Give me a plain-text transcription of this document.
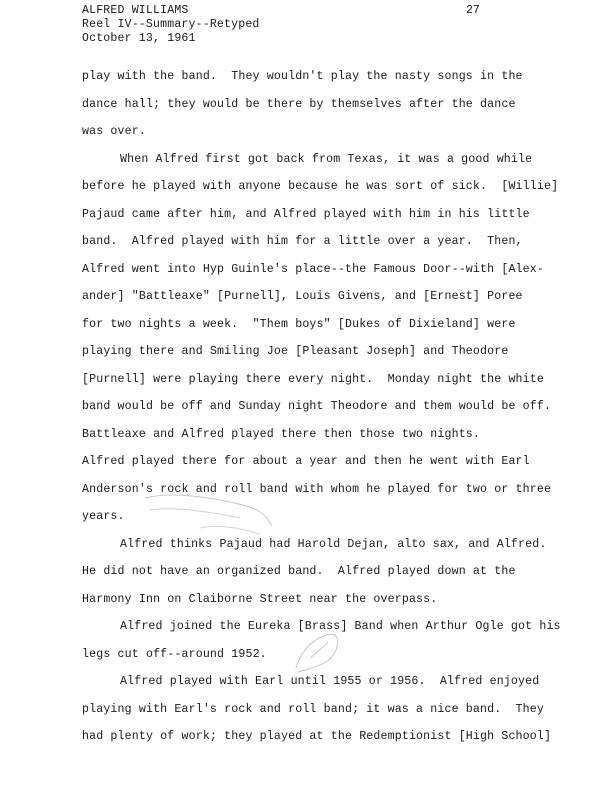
ALFRED WILLIAMS
Reel IV--Summary--Retyped
October 13, 1961
27
play with the band.  They wouldn't play the nasty songs in the
dance hall; they would be there by themselves after the dance
was over.
When Alfred first got back from Texas, it was a good while
before he played with anyone because he was sort of sick.  [Willie]
Pajaud came after him, and Alfred played with him in his little
band.  Alfred played with him for a little over a year.  Then,
Alfred went into Hyp Guinle's place--the Famous Door--with [Alex-
ander] "Battleaxe" [Purnell], Louis Givens, and [Ernest] Poree
for two nights a week.  "Them boys" [Dukes of Dixieland] were
playing there and Smiling Joe [Pleasant Joseph] and Theodore
[Purnell] were playing there every night.  Monday night the white
band would be off and Sunday night Theodore and them would be off.
Battleaxe and Alfred played there then those two nights.
Alfred played there for about a year and then he went with Earl
Anderson's rock and roll band with whom he played for two or three
years.
Alfred thinks Pajaud had Harold Dejan, alto sax, and Alfred.
He did not have an organized band.  Alfred played down at the
Harmony Inn on Claiborne Street near the overpass.
Alfred joined the Eureka [Brass] Band when Arthur Ogle got his
legs cut off--around 1952.
Alfred played with Earl until 1955 or 1956.  Alfred enjoyed
playing with Earl's rock and roll band; it was a nice band.  They
had plenty of work; they played at the Redemptionist [High School]
